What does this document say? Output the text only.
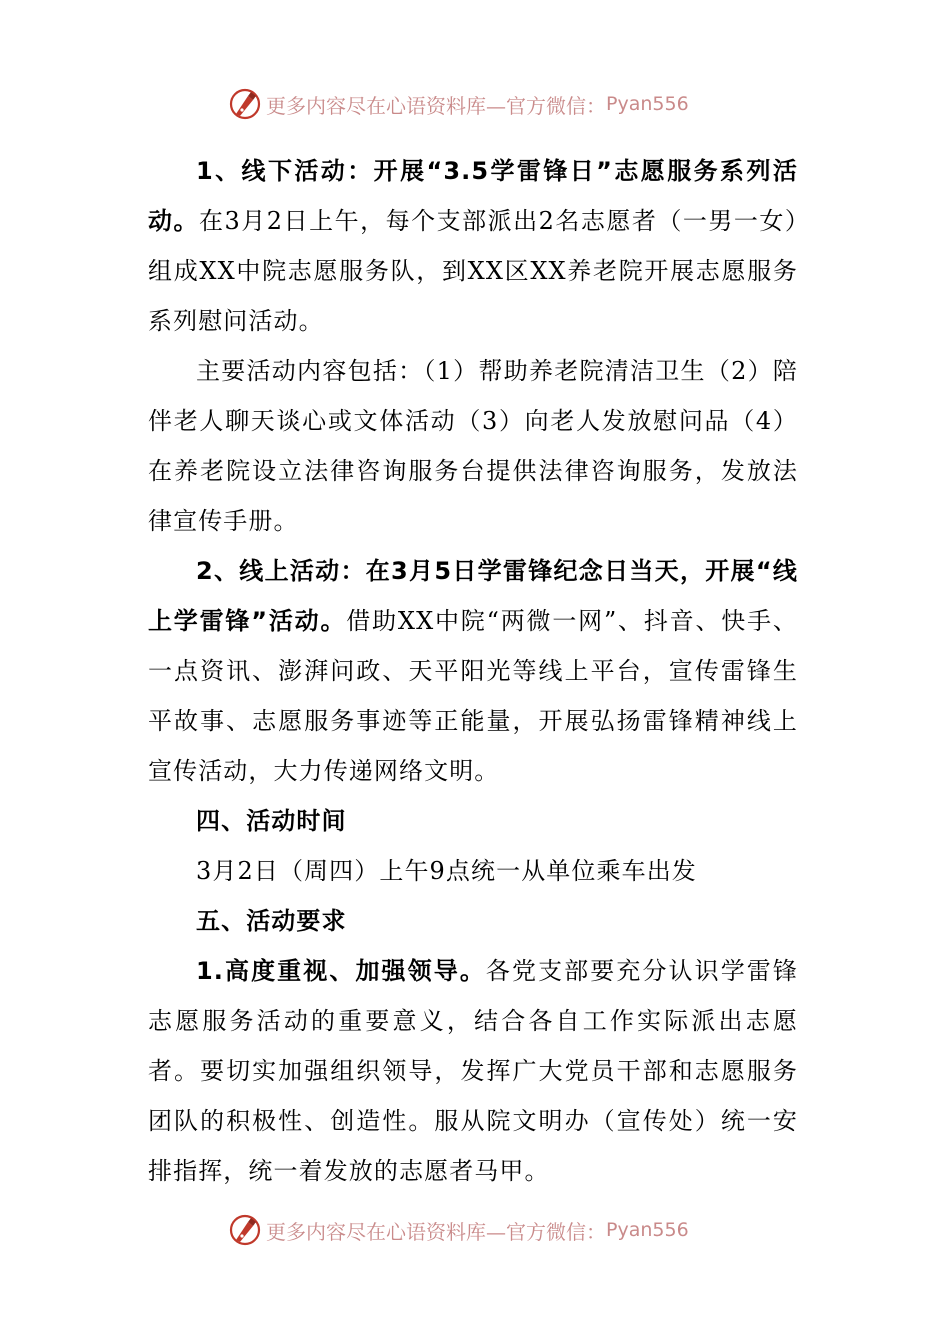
更多内容尽在心语资料库—官方微信： Pyan556

1、线下活动：开展“3.5学雷锋日”志愿服务系列活动。在3月2日上午，每个支部派出2名志愿者（一男一女）组成XX中院志愿服务队，到XX区XX养老院开展志愿服务系列慰问活动。

主要活动内容包括：（1）帮助养老院清洁卫生（2）陪伴老人聊天谈心或文体活动（3）向老人发放慰问品（4）在养老院设立法律咨询服务台提供法律咨询服务，发放法律宣传手册。

2、线上活动：在3月5日学雷锋纪念日当天，开展“线上学雷锋”活动。借助XX中院“两微一网”、抖音、快手、一点资讯、澎湃问政、天平阳光等线上平台，宣传雷锋生平故事、志愿服务事迹等正能量，开展弘扬雷锋精神线上宣传活动，大力传递网络文明。

四、活动时间

3月2日（周四）上午9点统一从单位乘车出发

五、活动要求

1.高度重视、加强领导。各党支部要充分认识学雷锋志愿服务活动的重要意义，结合各自工作实际派出志愿者。要切实加强组织领导，发挥广大党员干部和志愿服务团队的积极性、创造性。服从院文明办（宣传处）统一安排指挥，统一着发放的志愿者马甲。

更多内容尽在心语资料库—官方微信： Pyan556
